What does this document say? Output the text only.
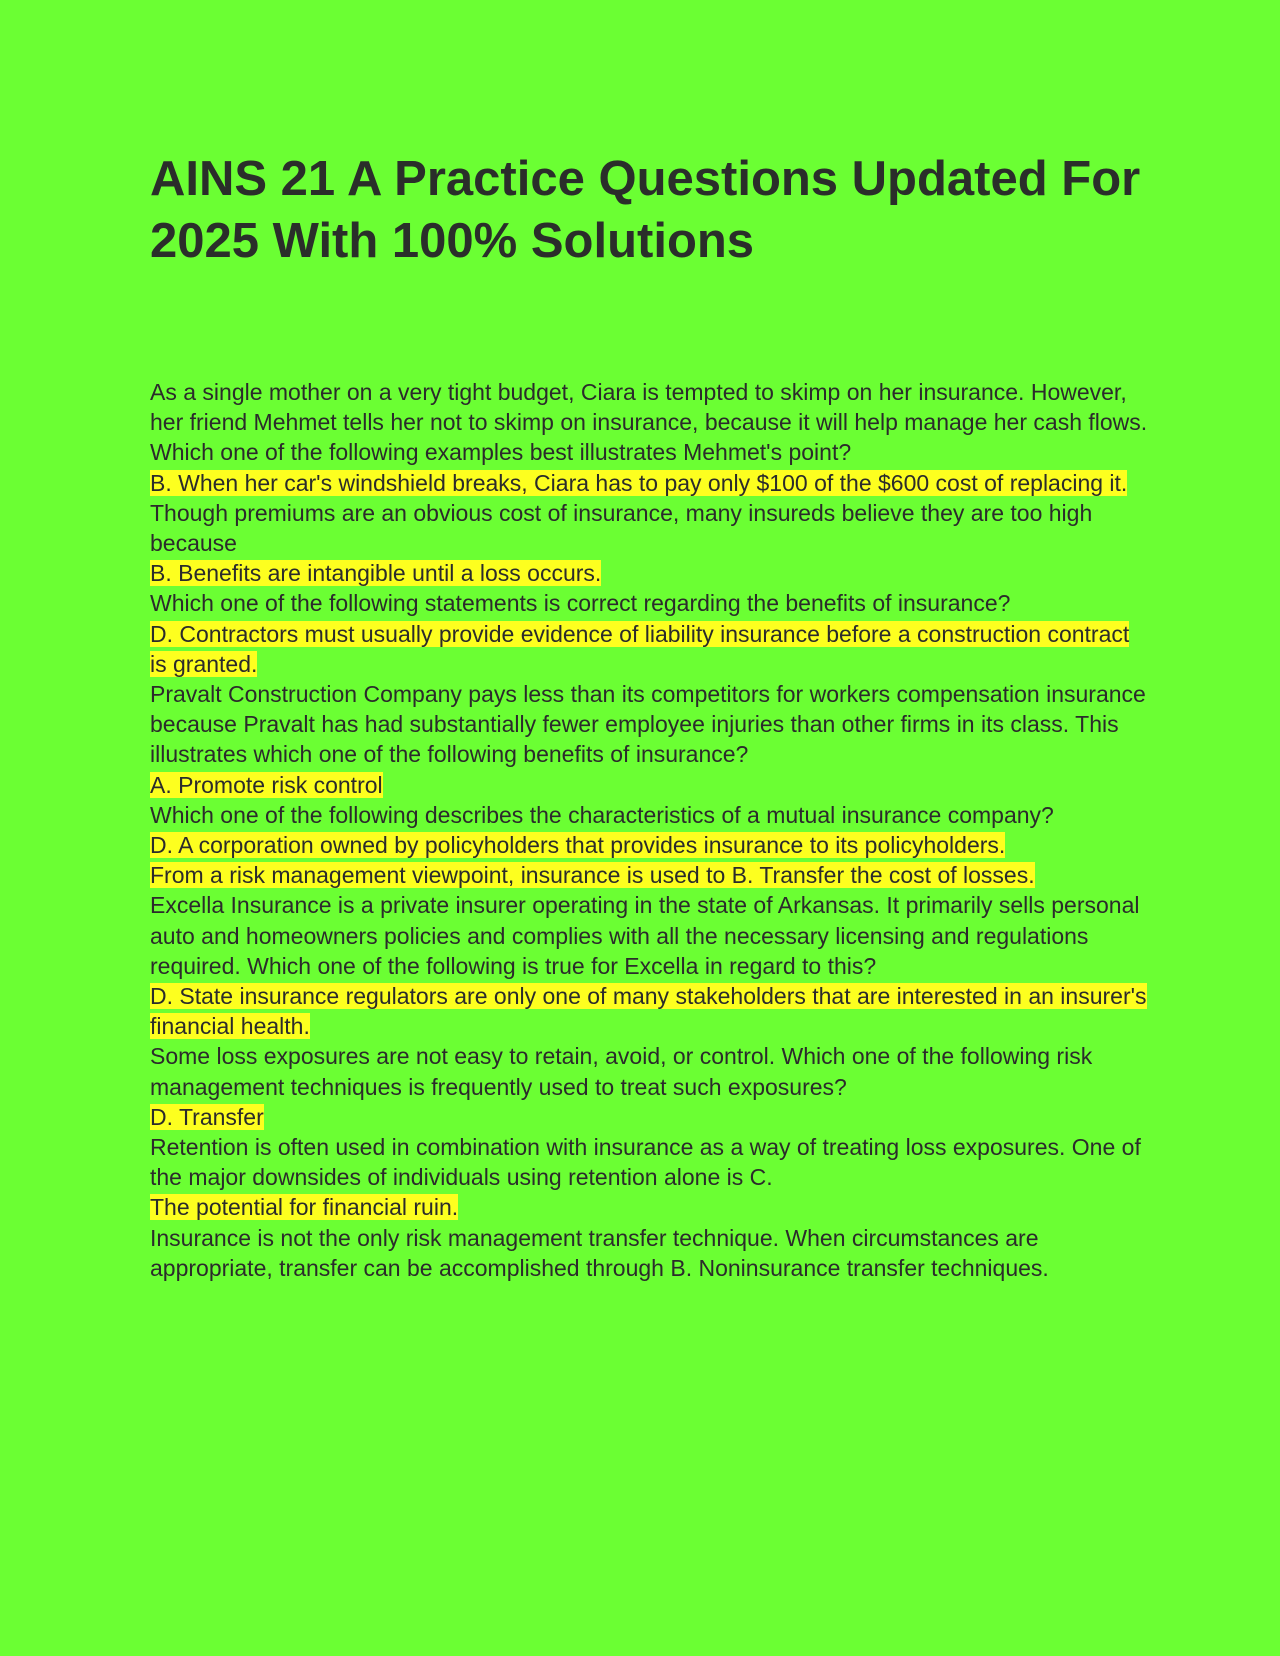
AINS 21 A Practice Questions Updated For 2025 With 100% Solutions
As a single mother on a very tight budget, Ciara is tempted to skimp on her insurance. However, her friend Mehmet tells her not to skimp on insurance, because it will help manage her cash flows. Which one of the following examples best illustrates Mehmet's point?
B. When her car's windshield breaks, Ciara has to pay only $100 of the $600 cost of replacing it.
Though premiums are an obvious cost of insurance, many insureds believe they are too high because
B. Benefits are intangible until a loss occurs.
Which one of the following statements is correct regarding the benefits of insurance?
D. Contractors must usually provide evidence of liability insurance before a construction contract is granted.
Pravalt Construction Company pays less than its competitors for workers compensation insurance because Pravalt has had substantially fewer employee injuries than other firms in its class. This illustrates which one of the following benefits of insurance?
A. Promote risk control
Which one of the following describes the characteristics of a mutual insurance company?
D. A corporation owned by policyholders that provides insurance to its policyholders.
From a risk management viewpoint, insurance is used to B. Transfer the cost of losses.
Excella Insurance is a private insurer operating in the state of Arkansas. It primarily sells personal auto and homeowners policies and complies with all the necessary licensing and regulations required. Which one of the following is true for Excella in regard to this?
D. State insurance regulators are only one of many stakeholders that are interested in an insurer's financial health.
Some loss exposures are not easy to retain, avoid, or control. Which one of the following risk management techniques is frequently used to treat such exposures?
D. Transfer
Retention is often used in combination with insurance as a way of treating loss exposures. One of the major downsides of individuals using retention alone is C.
The potential for financial ruin.
Insurance is not the only risk management transfer technique. When circumstances are appropriate, transfer can be accomplished through B. Noninsurance transfer techniques.
